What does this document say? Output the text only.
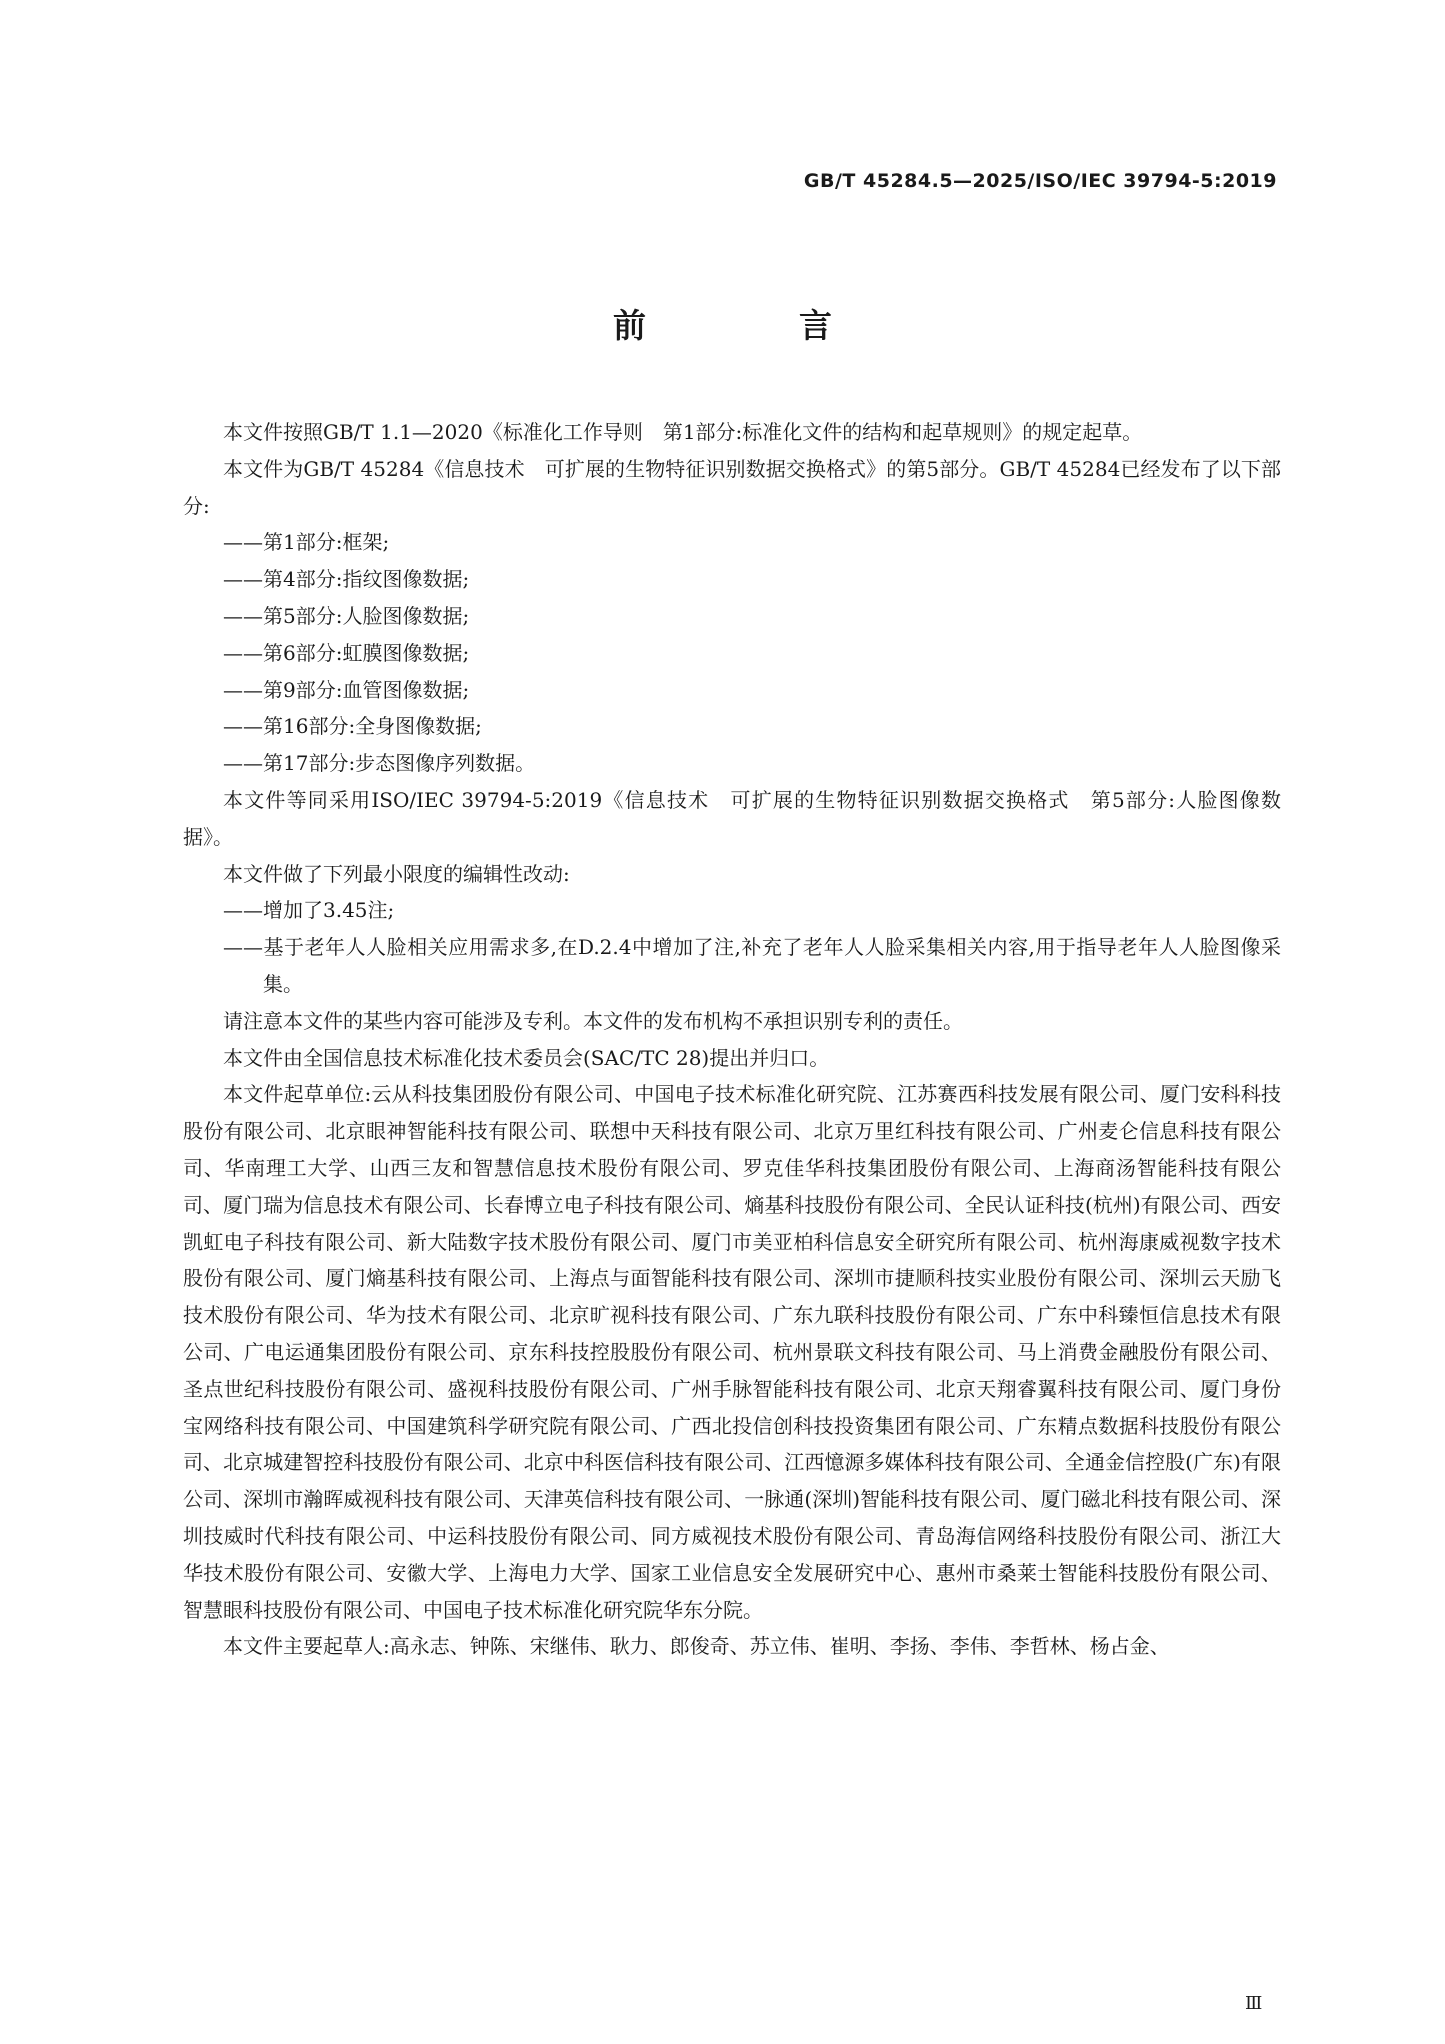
GB/T 45284.5—2025/ISO/IEC 39794-5:2019
前　言

本文件按照GB/T 1.1—2020《标准化工作导则　第1部分:标准化文件的结构和起草规则》的规定起草。

本文件为GB/T 45284《信息技术　可扩展的生物特征识别数据交换格式》的第5部分。GB/T 45284已经发布了以下部分:

——第1部分:框架;

——第4部分:指纹图像数据;

——第5部分:人脸图像数据;

——第6部分:虹膜图像数据;

——第9部分:血管图像数据;

——第16部分:全身图像数据;

——第17部分:步态图像序列数据。

本文件等同采用ISO/IEC 39794-5:2019《信息技术　可扩展的生物特征识别数据交换格式　第5部分:人脸图像数据》。

本文件做了下列最小限度的编辑性改动:

——增加了3.45注;

——基于老年人人脸相关应用需求多,在D.2.4中增加了注,补充了老年人人脸采集相关内容,用于指导老年人人脸图像采集。

请注意本文件的某些内容可能涉及专利。本文件的发布机构不承担识别专利的责任。

本文件由全国信息技术标准化技术委员会(SAC/TC 28)提出并归口。

本文件起草单位:云从科技集团股份有限公司、中国电子技术标准化研究院、江苏赛西科技发展有限公司、厦门安科科技股份有限公司、北京眼神智能科技有限公司、联想中天科技有限公司、北京万里红科技有限公司、广州麦仑信息科技有限公司、华南理工大学、山西三友和智慧信息技术股份有限公司、罗克佳华科技集团股份有限公司、上海商汤智能科技有限公司、厦门瑞为信息技术有限公司、长春博立电子科技有限公司、熵基科技股份有限公司、全民认证科技(杭州)有限公司、西安凯虹电子科技有限公司、新大陆数字技术股份有限公司、厦门市美亚柏科信息安全研究所有限公司、杭州海康威视数字技术股份有限公司、厦门熵基科技有限公司、上海点与面智能科技有限公司、深圳市捷顺科技实业股份有限公司、深圳云天励飞技术股份有限公司、华为技术有限公司、北京旷视科技有限公司、广东九联科技股份有限公司、广东中科臻恒信息技术有限公司、广电运通集团股份有限公司、京东科技控股股份有限公司、杭州景联文科技有限公司、马上消费金融股份有限公司、圣点世纪科技股份有限公司、盛视科技股份有限公司、广州手脉智能科技有限公司、北京天翔睿翼科技有限公司、厦门身份宝网络科技有限公司、中国建筑科学研究院有限公司、广西北投信创科技投资集团有限公司、广东精点数据科技股份有限公司、北京城建智控科技股份有限公司、北京中科医信科技有限公司、江西憶源多媒体科技有限公司、全通金信控股(广东)有限公司、深圳市瀚晖威视科技有限公司、天津英信科技有限公司、一脉通(深圳)智能科技有限公司、厦门磁北科技有限公司、深圳技威时代科技有限公司、中运科技股份有限公司、同方威视技术股份有限公司、青岛海信网络科技股份有限公司、浙江大华技术股份有限公司、安徽大学、上海电力大学、国家工业信息安全发展研究中心、惠州市桑莱士智能科技股份有限公司、智慧眼科技股份有限公司、中国电子技术标准化研究院华东分院。

本文件主要起草人:高永志、钟陈、宋继伟、耿力、郎俊奇、苏立伟、崔明、李扬、李伟、李哲林、杨占金、

Ⅲ
